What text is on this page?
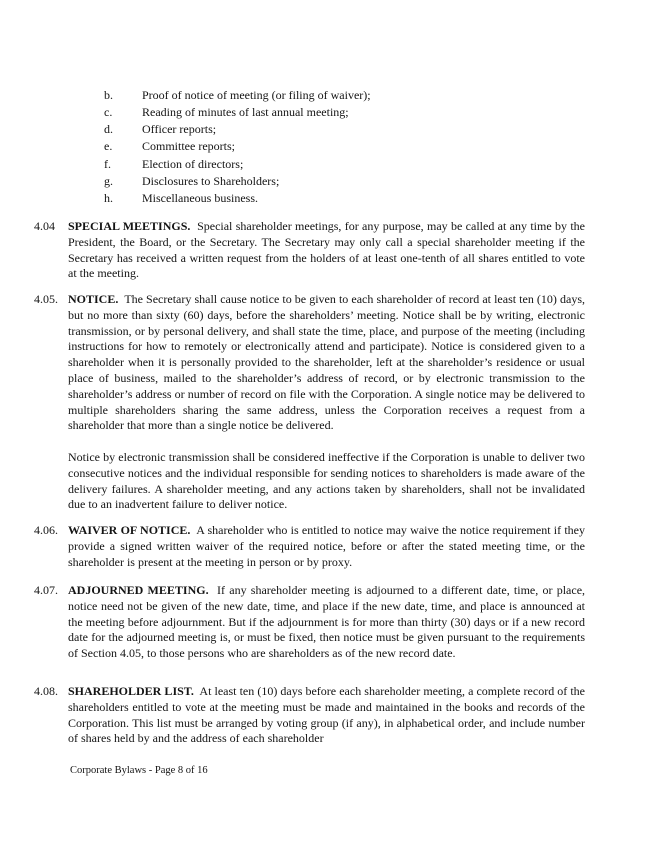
b. Proof of notice of meeting (or filing of waiver);
c. Reading of minutes of last annual meeting;
d. Officer reports;
e. Committee reports;
f.	Election of directors;
g. Disclosures to Shareholders;
h. Miscellaneous business.
4.04 SPECIAL MEETINGS. Special shareholder meetings, for any purpose, may be called at any time by the President, the Board, or the Secretary. The Secretary may only call a special shareholder meeting if the Secretary has received a written request from the holders of at least one-tenth of all shares entitled to vote at the meeting.

4.05. NOTICE. The Secretary shall cause notice to be given to each shareholder of record at least ten (10) days, but no more than sixty (60) days, before the shareholders’ meeting. Notice shall be by writing, electronic transmission, or by personal delivery, and shall state the time, place, and purpose of the meeting (including instructions for how to remotely or electronically attend and participate). Notice is considered given to a shareholder when it is personally provided to the shareholder, left at the shareholder’s residence or usual place of business, mailed to the shareholder’s address of record, or by electronic transmission to the shareholder’s address or number of record on file with the Corporation. A single notice may be delivered to multiple shareholders sharing the same address, unless the Corporation receives a request from a shareholder that more than a single notice be delivered.

Notice by electronic transmission shall be considered ineffective if the Corporation is unable to deliver two consecutive notices and the individual responsible for sending notices to shareholders is made aware of the delivery failures. A shareholder meeting, and any actions taken by shareholders, shall not be invalidated due to an inadvertent failure to deliver notice.

4.06. WAIVER OF NOTICE. A shareholder who is entitled to notice may waive the notice requirement if they provide a signed written waiver of the required notice, before or after the stated meeting time, or the shareholder is present at the meeting in person or by proxy.

4.07. ADJOURNED MEETING. If any shareholder meeting is adjourned to a different date, time, or place, notice need not be given of the new date, time, and place if the new date, time, and place is announced at the meeting before adjournment. But if the adjournment is for more than thirty (30) days or if a new record date for the adjourned meeting is, or must be fixed, then notice must be given pursuant to the requirements of Section 4.05, to those persons who are shareholders as of the new record date.

4.08. SHAREHOLDER LIST. At least ten (10) days before each shareholder meeting, a complete record of the shareholders entitled to vote at the meeting must be made and maintained in the books and records of the Corporation. This list must be arranged by voting group (if any), in alphabetical order, and include number of shares held by and the address of each shareholder

Corporate Bylaws - Page 8 of 16
